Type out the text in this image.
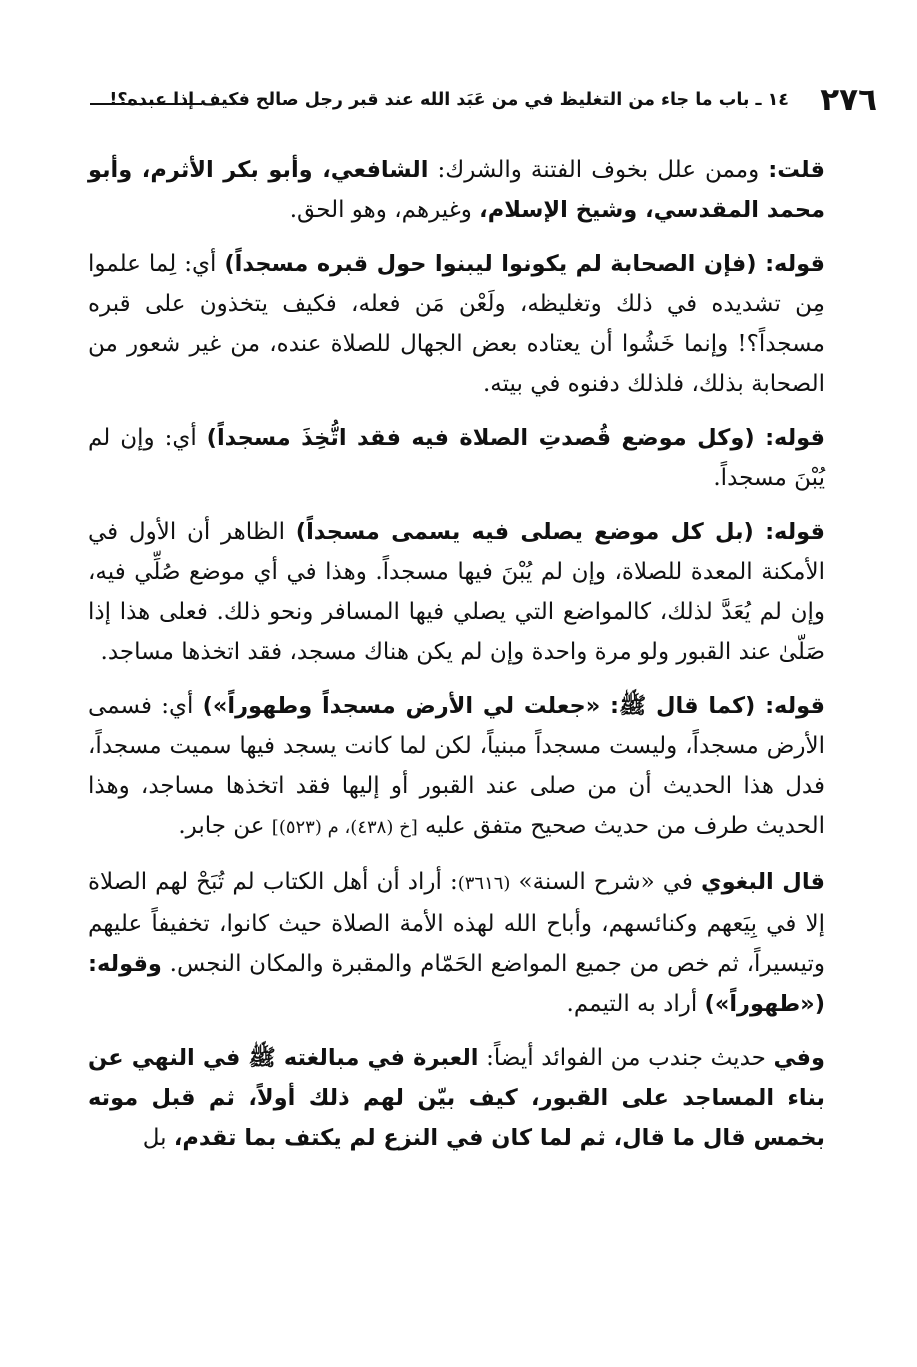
٢٧٦
١٤ ـ باب ما جاء من التغليظ في من عَبَد الله عند قبر رجل صالح فكيف إذا عبده؟!

قلت: وممن علل بخوف الفتنة والشرك: الشافعي، وأبو بكر الأثرم، وأبو محمد المقدسي، وشيخ الإسلام، وغيرهم، وهو الحق.

قوله: (فإن الصحابة لم يكونوا ليبنوا حول قبره مسجداً) أي: لِما علموا مِن تشديده في ذلك وتغليظه، ولَعْن مَن فعله، فكيف يتخذون على قبره مسجداً؟! وإنما خَشُوا أن يعتاده بعض الجهال للصلاة عنده، من غير شعور من الصحابة بذلك، فلذلك دفنوه في بيته.

قوله: (وكل موضع قُصدتِ الصلاة فيه فقد اتُّخِذَ مسجداً) أي: وإن لم يُبْنَ مسجداً.

قوله: (بل كل موضع يصلى فيه يسمى مسجداً) الظاهر أن الأول في الأمكنة المعدة للصلاة، وإن لم يُبْنَ فيها مسجداً. وهذا في أي موضع صُلِّي فيه، وإن لم يُعَدَّ لذلك، كالمواضع التي يصلي فيها المسافر ونحو ذلك. فعلى هذا إذا صَلّىٰ عند القبور ولو مرة واحدة وإن لم يكن هناك مسجد، فقد اتخذها مساجد.

قوله: (كما قال ﷺ: «جعلت لي الأرض مسجداً وطهوراً») أي: فسمى الأرض مسجداً، وليست مسجداً مبنياً، لكن لما كانت يسجد فيها سميت مسجداً، فدل هذا الحديث أن من صلى عند القبور أو إليها فقد اتخذها مساجد، وهذا الحديث طرف من حديث صحيح متفق عليه [خ (٤٣٨)، م (٥٢٣)] عن جابر.

قال البغوي في «شرح السنة» (٣٦١٦): أراد أن أهل الكتاب لم تُبَحْ لهم الصلاة إلا في بِيَعهم وكنائسهم، وأباح الله لهذه الأمة الصلاة حيث كانوا، تخفيفاً عليهم وتيسيراً، ثم خص من جميع المواضع الحَمّام والمقبرة والمكان النجس. وقوله: («طهوراً») أراد به التيمم.

وفي حديث جندب من الفوائد أيضاً: العبرة في مبالغته ﷺ في النهي عن بناء المساجد على القبور، كيف بيّن لهم ذلك أولاً، ثم قبل موته بخمس قال ما قال، ثم لما كان في النزع لم يكتف بما تقدم، بل
